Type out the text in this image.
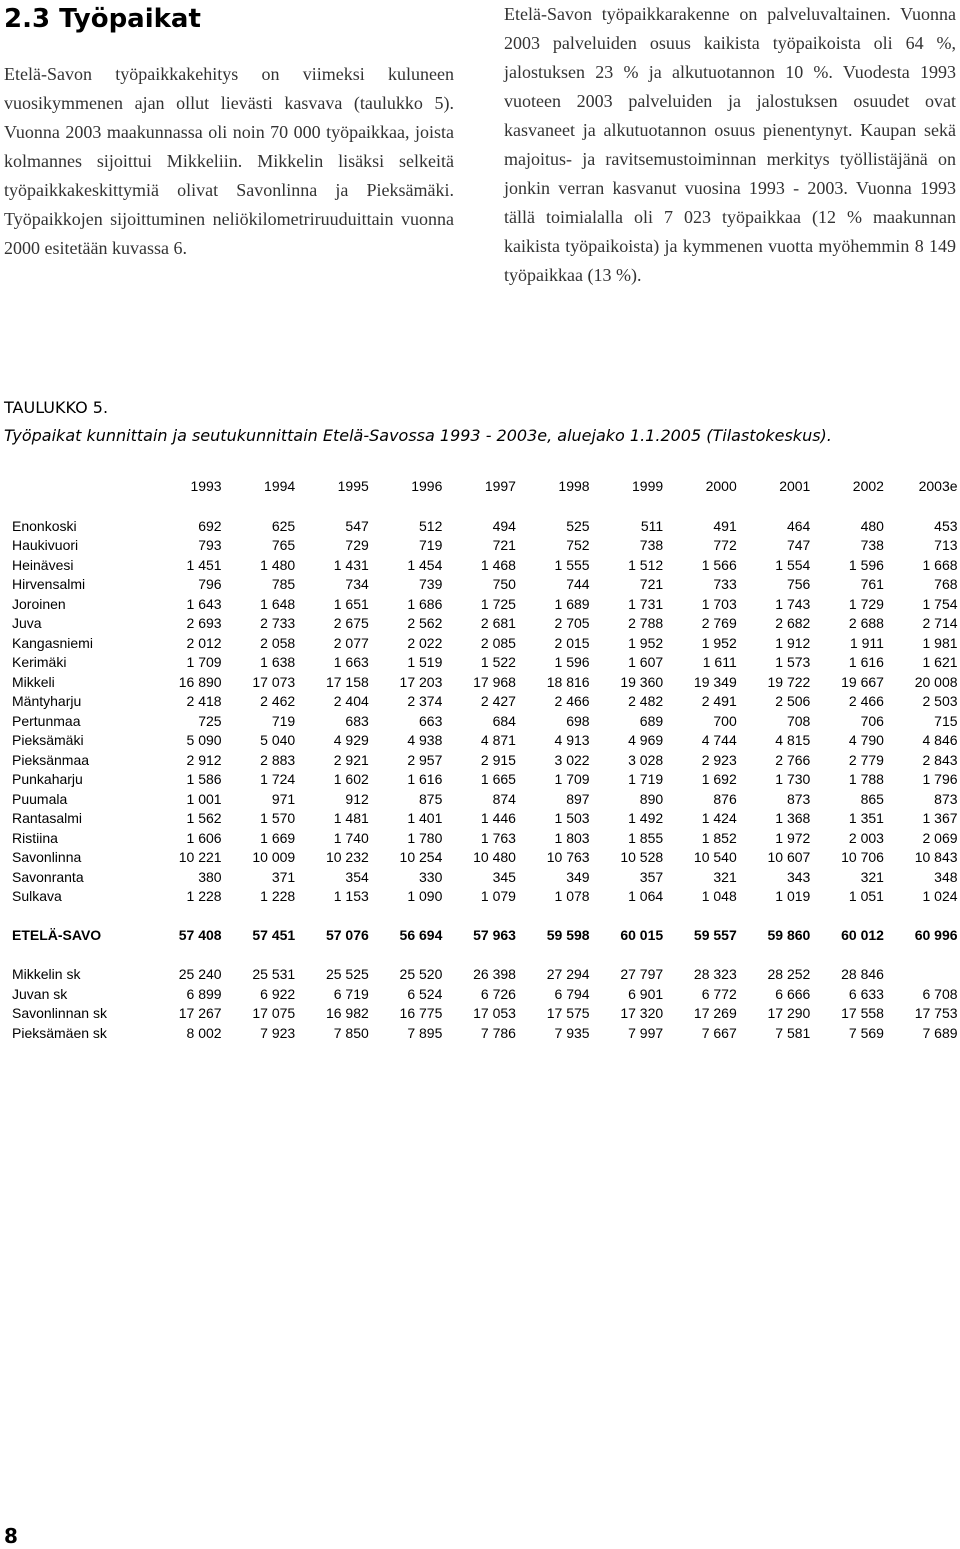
2.3 Työpaikat

Etelä-Savon työpaikkakehitys on viimeksi kuluneen vuosikymmenen ajan ollut lievästi kasvava (taulukko 5). Vuonna 2003 maakunnassa oli noin 70 000 työpaikkaa, joista kolmannes sijoittui Mikkeliin. Mikkelin lisäksi selkeitä työpaikkakeskittymiä olivat Savonlinna ja Pieksämäki. Työpaikkojen sijoittuminen neliökilometriruuduittain vuonna 2000 esitetään kuvassa 6.

Etelä-Savon työpaikkarakenne on palveluvaltainen. Vuonna 2003 palveluiden osuus kaikista työpaikoista oli 64 %, jalostuksen 23 % ja alkutuotannon 10 %. Vuodesta 1993 vuoteen 2003 palveluiden ja jalostuksen osuudet ovat kasvaneet ja alkutuotannon osuus pienentynyt. Kaupan sekä majoitus- ja ravitsemustoiminnan merkitys työllistäjänä on jonkin verran kasvanut vuosina 1993 - 2003. Vuonna 1993 tällä toimialalla oli 7 023 työpaikkaa (12 % maakunnan kaikista työpaikoista) ja kymmenen vuotta myöhemmin 8 149 työpaikkaa (13 %).

TAULUKKO 5.
Työpaikat kunnittain ja seutukunnittain Etelä-Savossa 1993 - 2003e, aluejako 1.1.2005 (Tilastokeskus).
	1993	1994	1995	1996	1997	1998	1999	2000	2001	2002	2003e

Enonkoski	692	625	547	512	494	525	511	491	464	480	453
Haukivuori	793	765	729	719	721	752	738	772	747	738	713
Heinävesi	1 451	1 480	1 431	1 454	1 468	1 555	1 512	1 566	1 554	1 596	1 668
Hirvensalmi	796	785	734	739	750	744	721	733	756	761	768
Joroinen	1 643	1 648	1 651	1 686	1 725	1 689	1 731	1 703	1 743	1 729	1 754
Juva	2 693	2 733	2 675	2 562	2 681	2 705	2 788	2 769	2 682	2 688	2 714
Kangasniemi	2 012	2 058	2 077	2 022	2 085	2 015	1 952	1 952	1 912	1 911	1 981
Kerimäki	1 709	1 638	1 663	1 519	1 522	1 596	1 607	1 611	1 573	1 616	1 621
Mikkeli	16 890	17 073	17 158	17 203	17 968	18 816	19 360	19 349	19 722	19 667	20 008
Mäntyharju	2 418	2 462	2 404	2 374	2 427	2 466	2 482	2 491	2 506	2 466	2 503
Pertunmaa	725	719	683	663	684	698	689	700	708	706	715
Pieksämäki	5 090	5 040	4 929	4 938	4 871	4 913	4 969	4 744	4 815	4 790	4 846
Pieksänmaa	2 912	2 883	2 921	2 957	2 915	3 022	3 028	2 923	2 766	2 779	2 843
Punkaharju	1 586	1 724	1 602	1 616	1 665	1 709	1 719	1 692	1 730	1 788	1 796
Puumala	1 001	971	912	875	874	897	890	876	873	865	873
Rantasalmi	1 562	1 570	1 481	1 401	1 446	1 503	1 492	1 424	1 368	1 351	1 367
Ristiina	1 606	1 669	1 740	1 780	1 763	1 803	1 855	1 852	1 972	2 003	2 069
Savonlinna	10 221	10 009	10 232	10 254	10 480	10 763	10 528	10 540	10 607	10 706	10 843
Savonranta	380	371	354	330	345	349	357	321	343	321	348
Sulkava	1 228	1 228	1 153	1 090	1 079	1 078	1 064	1 048	1 019	1 051	1 024

ETELÄ-SAVO	57 408	57 451	57 076	56 694	57 963	59 598	60 015	59 557	59 860	60 012	60 996

Mikkelin sk	25 240	25 531	25 525	25 520	26 398	27 294	27 797	28 323	28 252	28 846	
Juvan sk	6 899	6 922	6 719	6 524	6 726	6 794	6 901	6 772	6 666	6 633	6 708
Savonlinnan sk	17 267	17 075	16 982	16 775	17 053	17 575	17 320	17 269	17 290	17 558	17 753
Pieksämäen sk	8 002	7 923	7 850	7 895	7 786	7 935	7 997	7 667	7 581	7 569	7 689
8
